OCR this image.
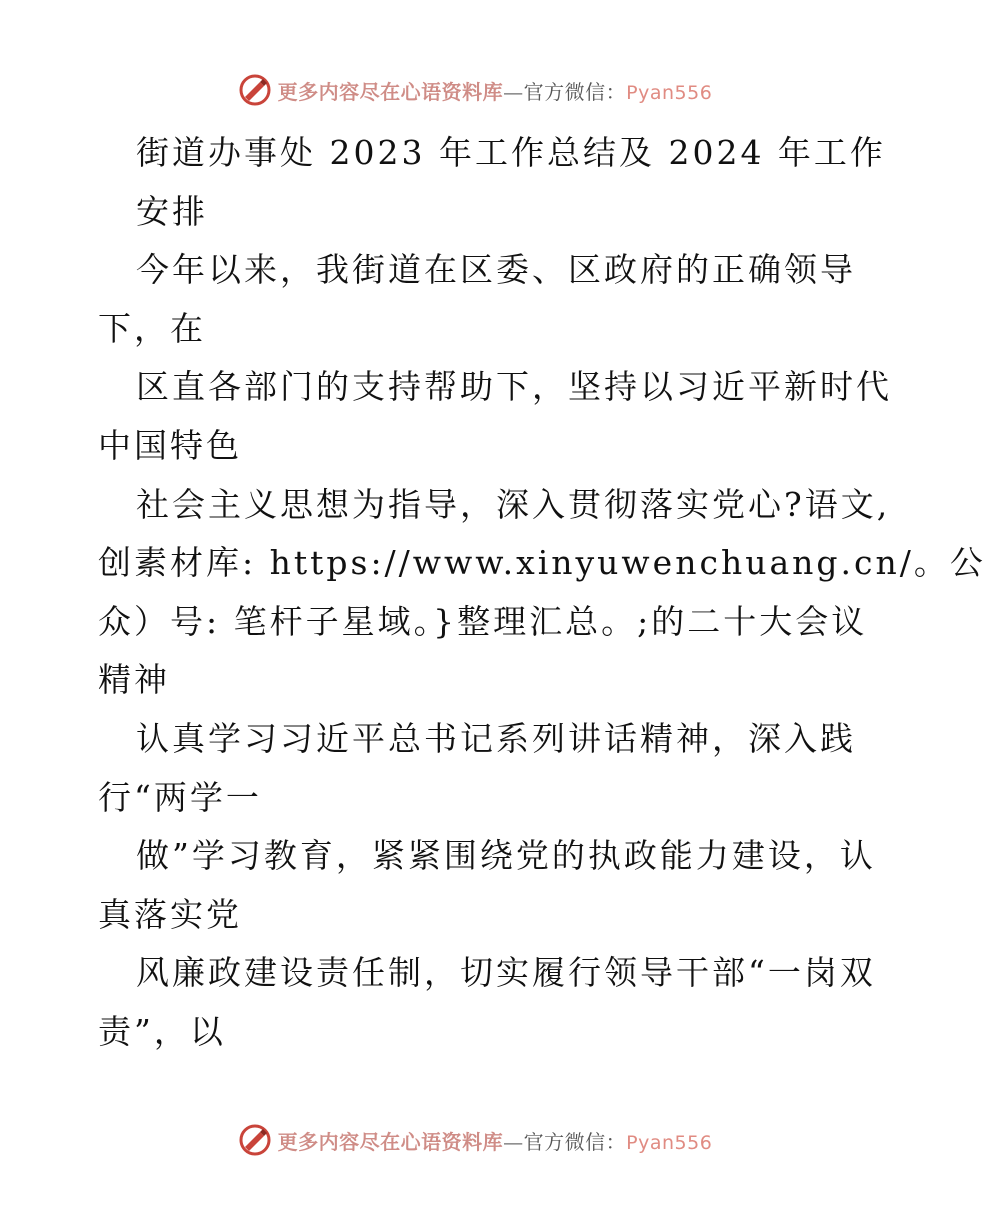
更多内容尽在心语资料库—官方微信：Pyan556
街道办事处 2023 年工作总结及 2024 年工作
安排
今年以来，我街道在区委、区政府的正确领导
下，在
区直各部门的支持帮助下，坚持以习近平新时代
中国特色
社会主义思想为指导，深入贯彻落实党心?语文,
创素材库: https://www.xinyuwenchuang.cn/。公
众）号: 笔杆子星域。}整理汇总。;的二十大会议
精神
认真学习习近平总书记系列讲话精神，深入践
行“两学一
做”学习教育，紧紧围绕党的执政能力建设，认
真落实党
风廉政建设责任制，切实履行领导干部“一岗双
责”，以
更多内容尽在心语资料库—官方微信：Pyan556
